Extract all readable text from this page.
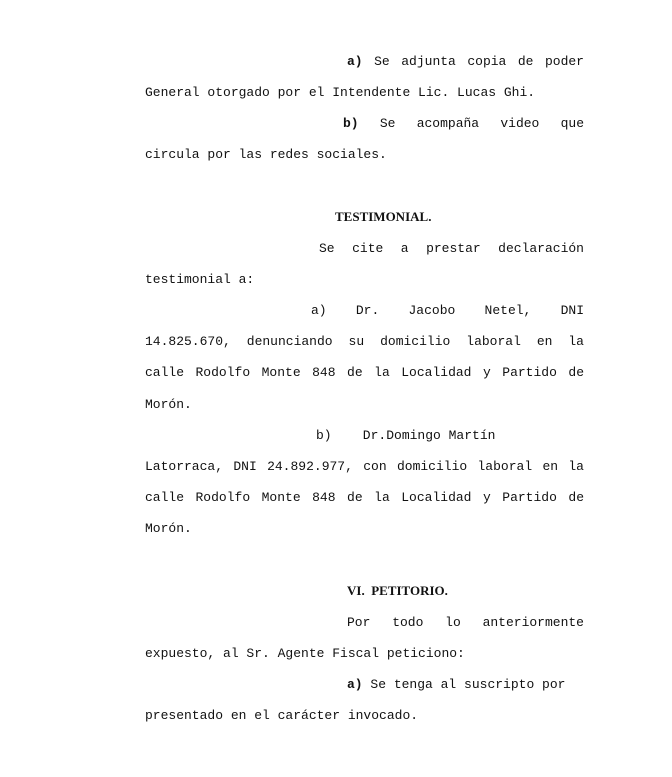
a) Se adjunta copia de poder
General otorgado por el Intendente Lic. Lucas Ghi.
b) Se acompaña video que
circula por las redes sociales.
TESTIMONIAL.
Se cite a prestar declaración
testimonial a:
a) Dr. Jacobo Netel, DNI
14.825.670, denunciando su domicilio laboral en la
calle Rodolfo Monte 848 de la Localidad y Partido de
Morón.
b)    Dr.Domingo Martín
Latorraca, DNI 24.892.977, con domicilio laboral en la
calle Rodolfo Monte 848 de la Localidad y Partido de
Morón.
VI.  PETITORIO.
Por todo lo anteriormente
expuesto, al Sr. Agente Fiscal peticiono:
a) Se tenga al suscripto por
presentado en el carácter invocado.
